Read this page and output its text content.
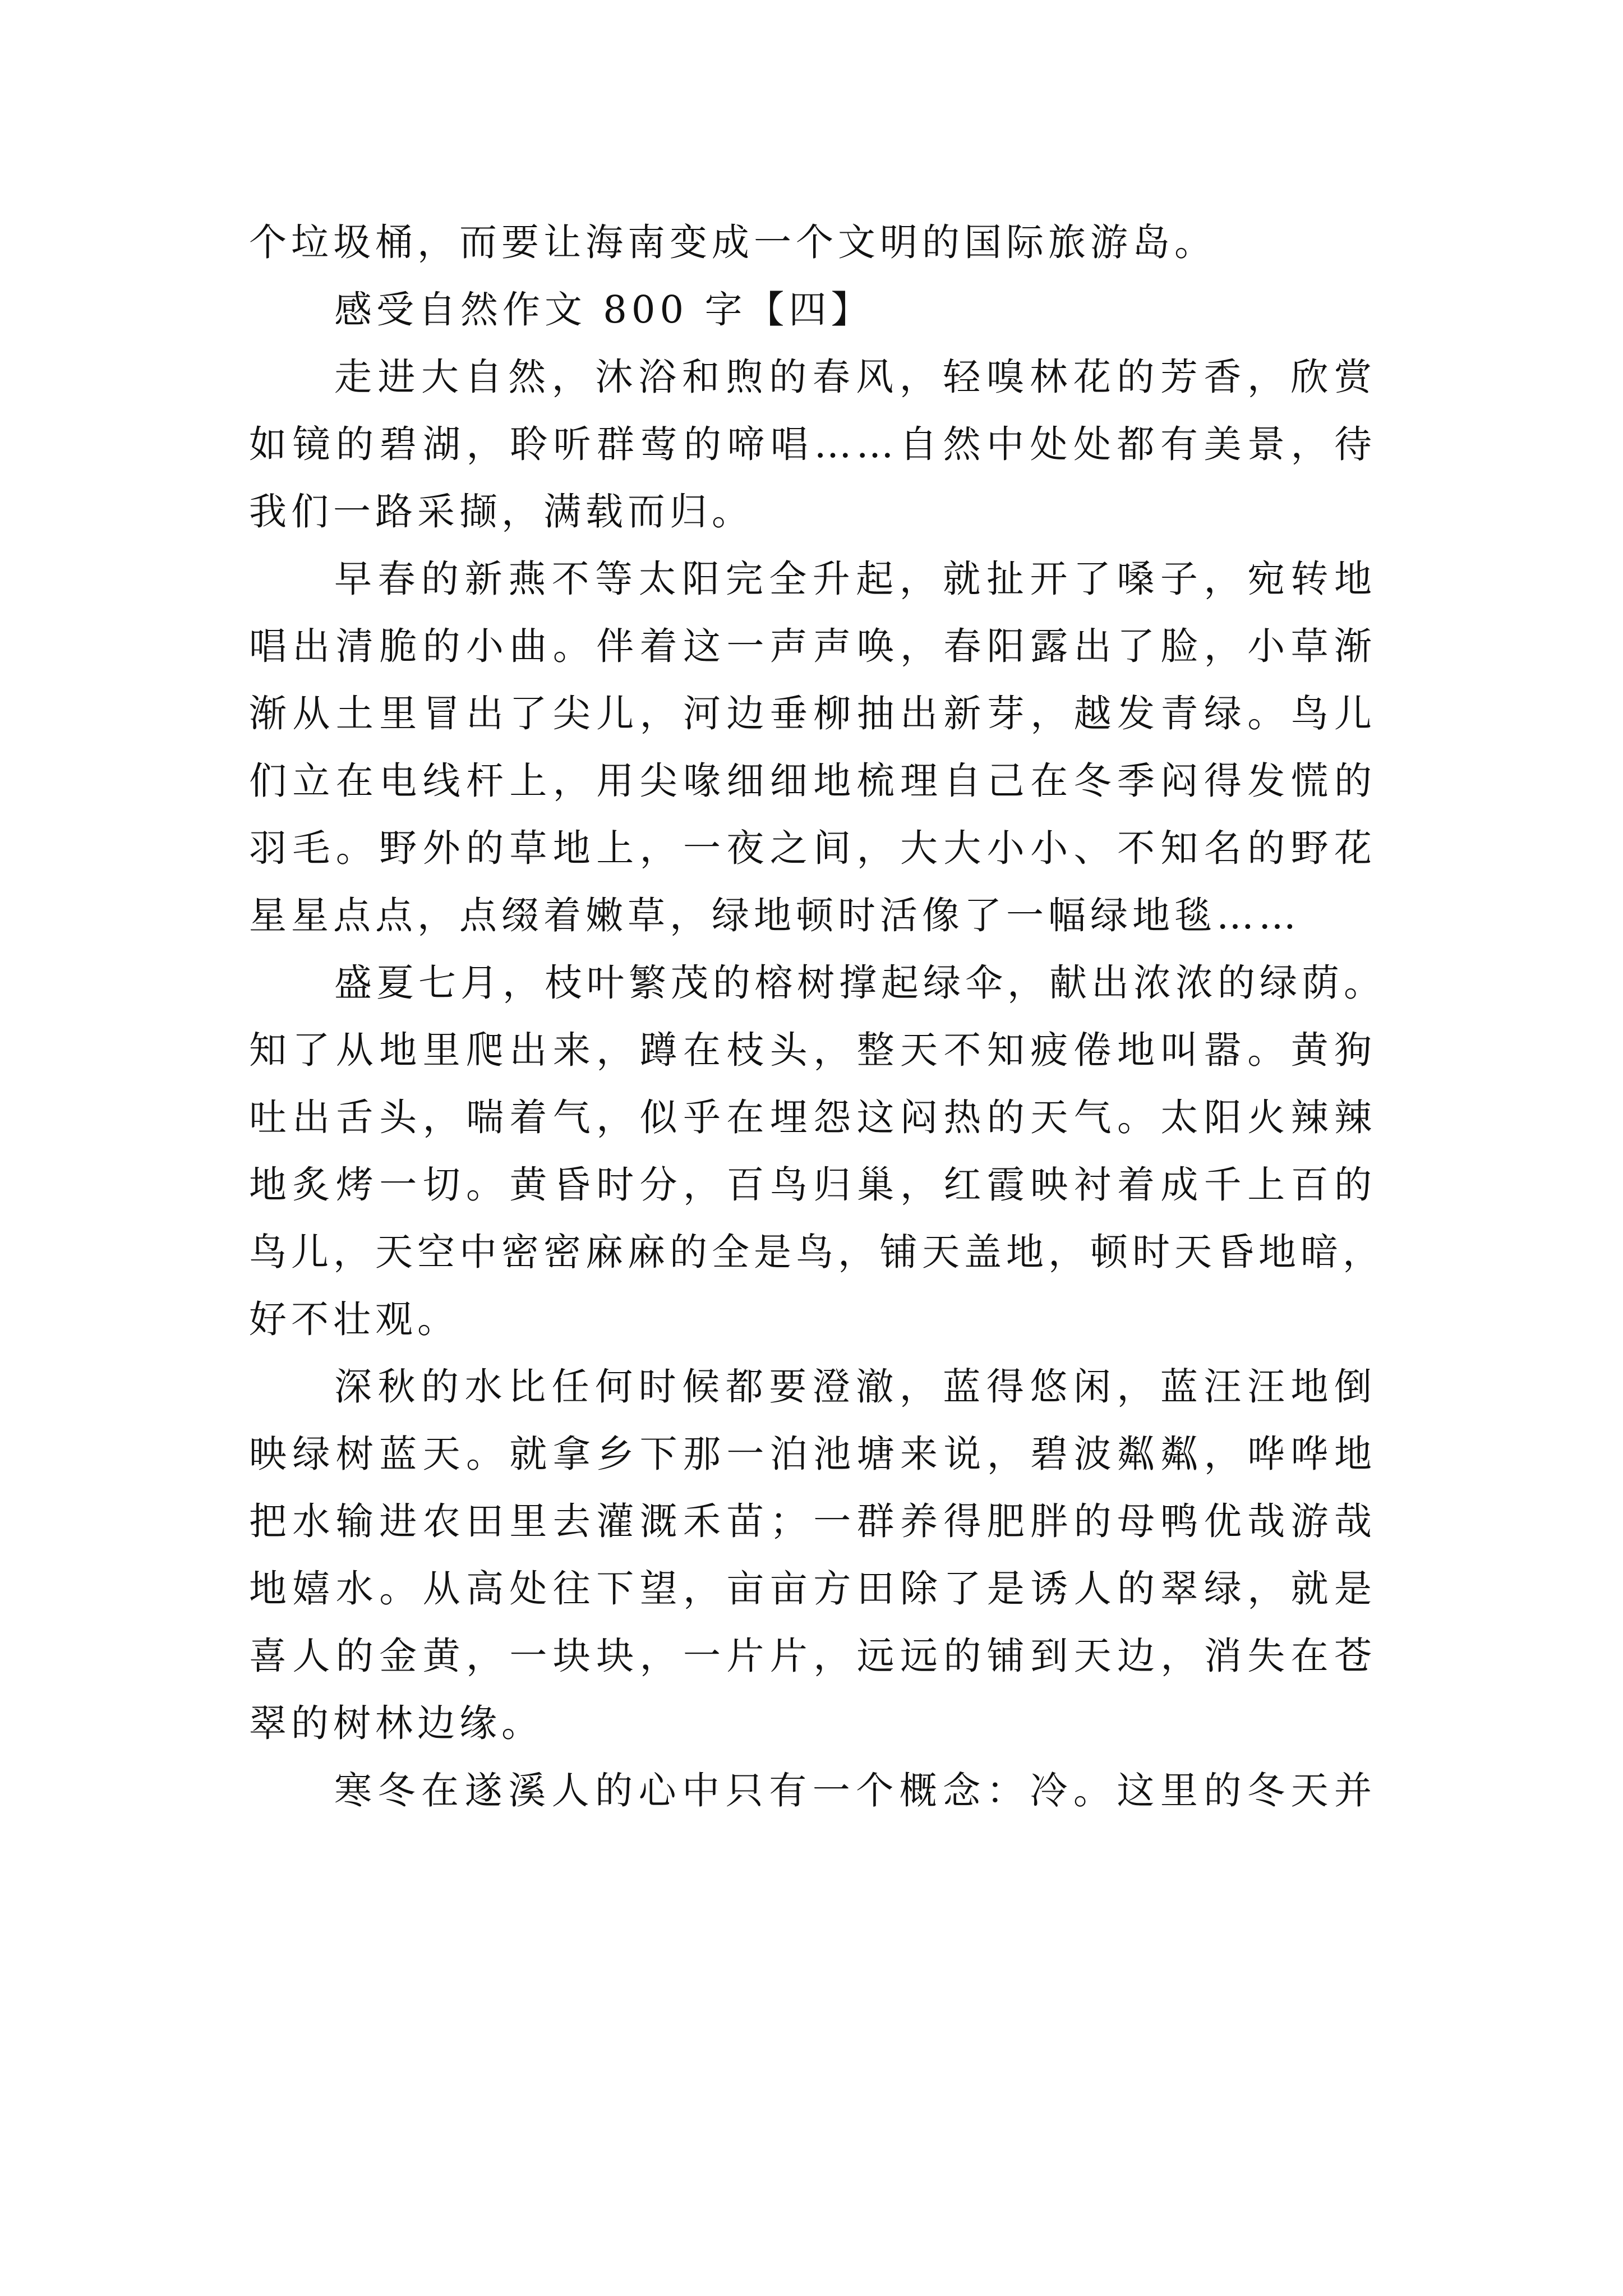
个垃圾桶，而要让海南变成一个文明的国际旅游岛。
感受自然作文 800 字【四】
走进大自然，沐浴和煦的春风，轻嗅林花的芳香，欣赏
如镜的碧湖，聆听群莺的啼唱……自然中处处都有美景，待
我们一路采撷，满载而归。
早春的新燕不等太阳完全升起，就扯开了嗓子，宛转地
唱出清脆的小曲。伴着这一声声唤，春阳露出了脸，小草渐
渐从土里冒出了尖儿，河边垂柳抽出新芽，越发青绿。鸟儿
们立在电线杆上，用尖喙细细地梳理自己在冬季闷得发慌的
羽毛。野外的草地上，一夜之间，大大小小、不知名的野花
星星点点，点缀着嫩草，绿地顿时活像了一幅绿地毯……
盛夏七月，枝叶繁茂的榕树撑起绿伞，献出浓浓的绿荫。
知了从地里爬出来，蹲在枝头，整天不知疲倦地叫嚣。黄狗
吐出舌头，喘着气，似乎在埋怨这闷热的天气。太阳火辣辣
地炙烤一切。黄昏时分，百鸟归巢，红霞映衬着成千上百的
鸟儿，天空中密密麻麻的全是鸟，铺天盖地，顿时天昏地暗，
好不壮观。
深秋的水比任何时候都要澄澈，蓝得悠闲，蓝汪汪地倒
映绿树蓝天。就拿乡下那一泊池塘来说，碧波粼粼，哗哗地
把水输进农田里去灌溉禾苗；一群养得肥胖的母鸭优哉游哉
地嬉水。从高处往下望，亩亩方田除了是诱人的翠绿，就是
喜人的金黄，一块块，一片片，远远的铺到天边，消失在苍
翠的树林边缘。
寒冬在遂溪人的心中只有一个概念：冷。这里的冬天并
